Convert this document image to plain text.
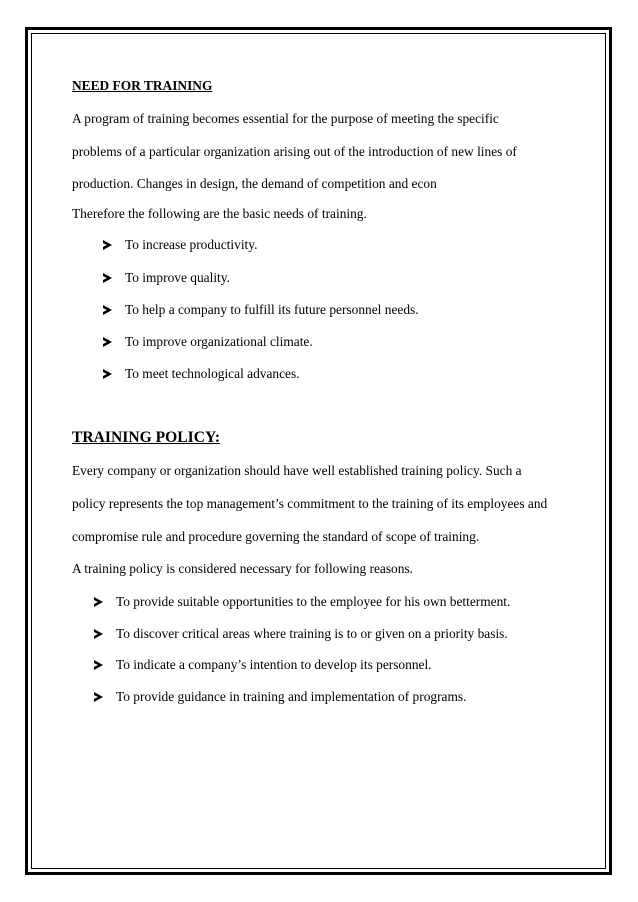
NEED FOR TRAINING
A program of training becomes essential for the purpose of meeting the specific
problems of a particular organization arising out of the introduction of new lines of
production. Changes in design, the demand of competition and econ
Therefore the following are the basic needs of training.
To increase productivity.
To improve quality.
To help a company to fulfill its future personnel needs.
To improve organizational climate.
To meet technological advances.
TRAINING POLICY:
Every company or organization should have well established training policy. Such a
policy represents the top management’s commitment to the training of its employees and
compromise rule and procedure governing the standard of scope of training.
A training policy is considered necessary for following reasons.
To provide suitable opportunities to the employee for his own betterment.
To discover critical areas where training is to or given on a priority basis.
To indicate a company’s intention to develop its personnel.
To provide guidance in training and implementation of programs.
